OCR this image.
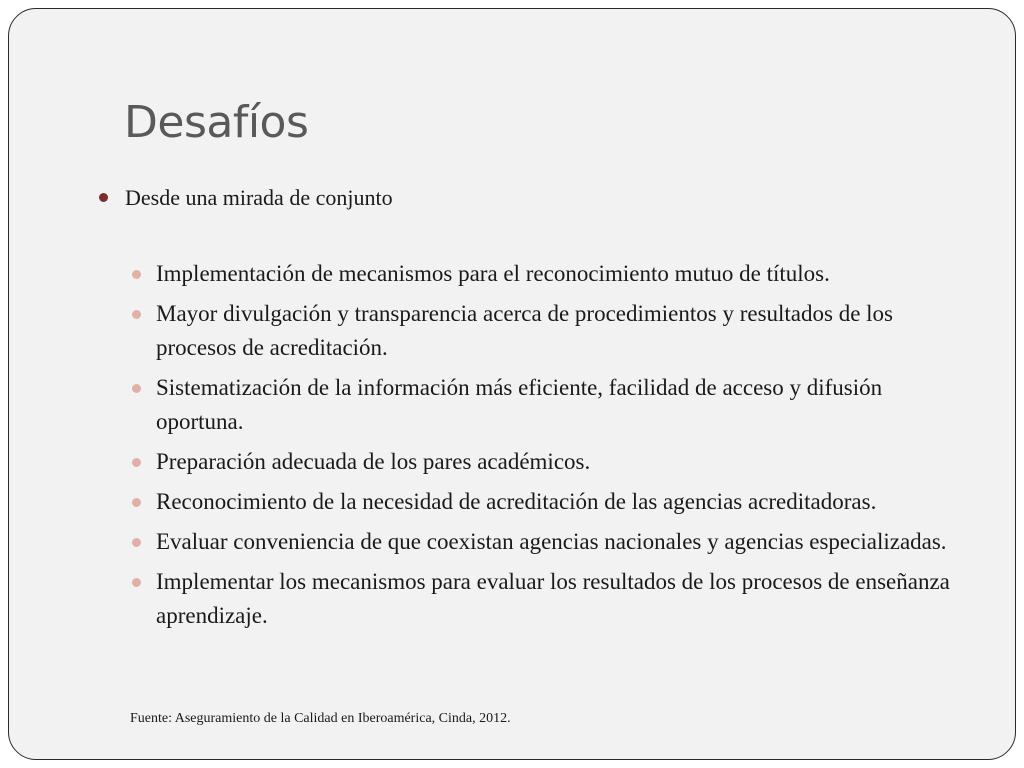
Desafíos
Desde una mirada de conjunto
Implementación de mecanismos para el reconocimiento mutuo de títulos.
Mayor divulgación y transparencia acerca de procedimientos y resultados de los procesos de acreditación.
Sistematización de la información más eficiente, facilidad de acceso y difusión oportuna.
Preparación adecuada de los pares académicos.
Reconocimiento de la necesidad de acreditación de las agencias acreditadoras.
Evaluar conveniencia de que coexistan agencias nacionales y agencias especializadas.
Implementar los mecanismos para evaluar los resultados de los procesos de enseñanza aprendizaje.
Fuente: Aseguramiento de la Calidad en Iberoamérica, Cinda, 2012.
